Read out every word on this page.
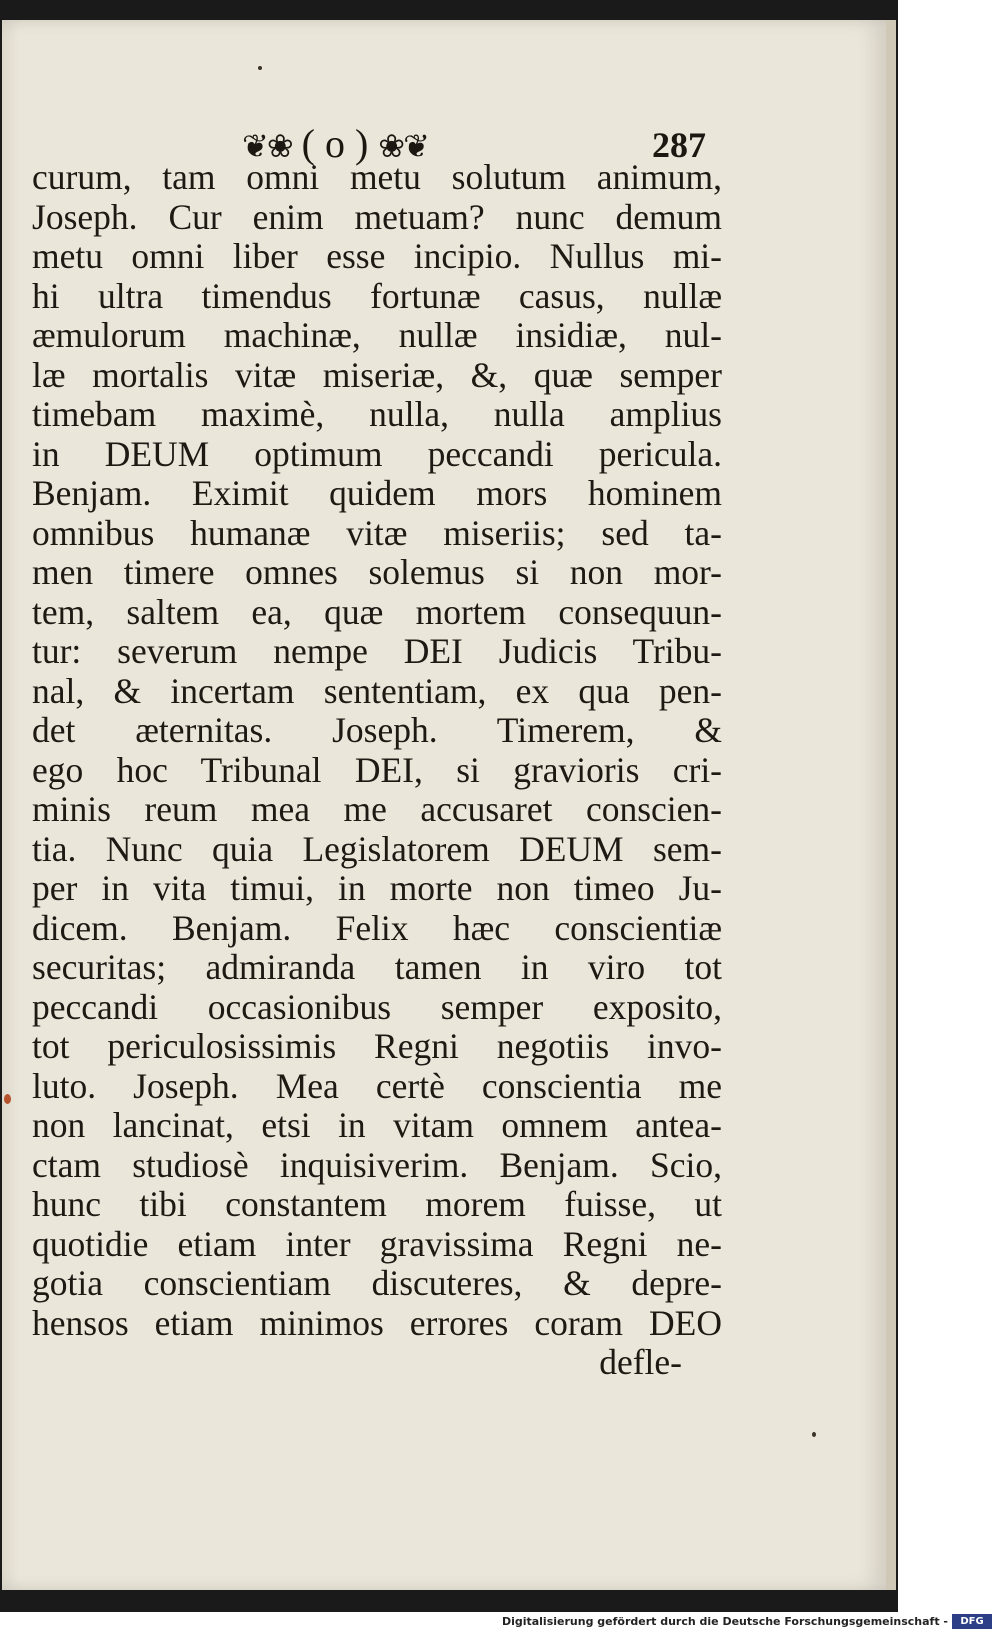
❦❀ ( o ) ❀❦	287
curum, tam omni metu solutum animum,
Joseph. Cur enim metuam? nunc demum
metu omni liber esse incipio. Nullus mi-
hi ultra timendus fortunæ casus, nullæ
æmulorum machinæ, nullæ insidiæ, nul-
læ mortalis vitæ miseriæ, &, quæ semper
timebam maximè, nulla, nulla amplius
in DEUM optimum peccandi pericula.
Benjam. Eximit quidem mors hominem
omnibus humanæ vitæ miseriis; sed ta-
men timere omnes solemus si non mor-
tem, saltem ea, quæ mortem consequun-
tur: severum nempe DEI Judicis Tribu-
nal, & incertam sententiam, ex qua pen-
det æternitas. Joseph. Timerem, &
ego hoc Tribunal DEI, si gravioris cri-
minis reum mea me accusaret conscien-
tia. Nunc quia Legislatorem DEUM sem-
per in vita timui, in morte non timeo Ju-
dicem. Benjam. Felix hæc conscientiæ
securitas; admiranda tamen in viro tot
peccandi occasionibus semper exposito,
tot periculosissimis Regni negotiis invo-
luto. Joseph. Mea certè conscientia me
non lancinat, etsi in vitam omnem antea-
ctam studiosè inquisiverim. Benjam. Scio,
hunc tibi constantem morem fuisse, ut
quotidie etiam inter gravissima Regni ne-
gotia conscientiam discuteres, & depre-
hensos etiam minimos errores coram DEO
defle-
Digitalisierung gefördert durch die Deutsche Forschungsgemeinschaft -	DFG
